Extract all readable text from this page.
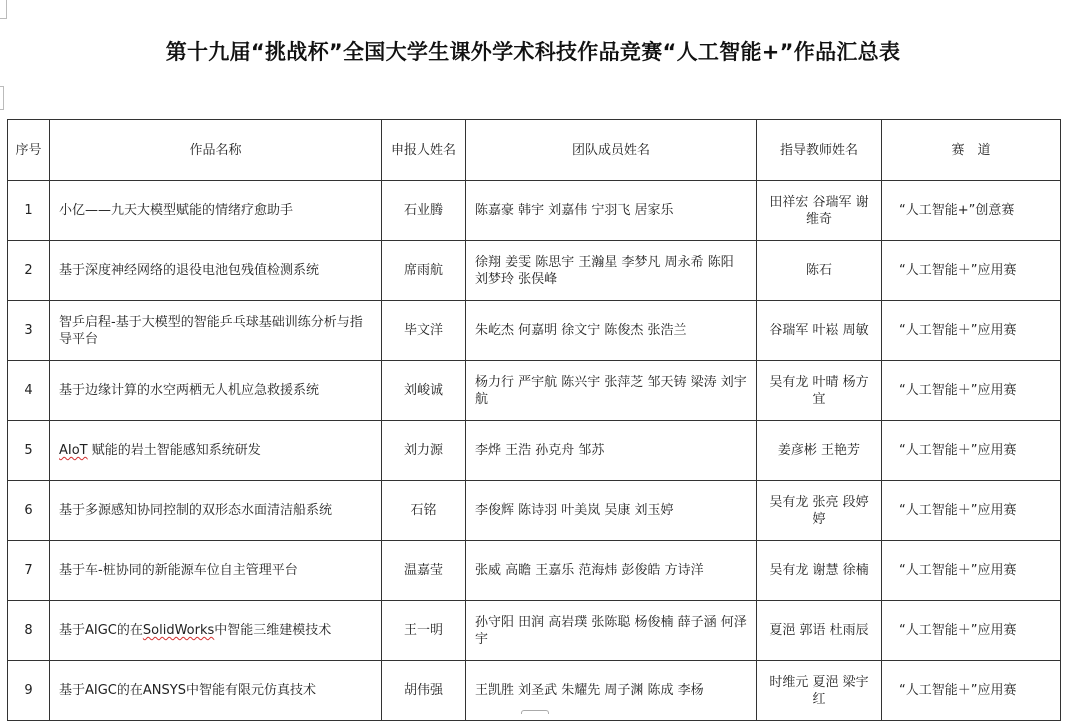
第十九届“挑战杯”全国大学生课外学术科技作品竞赛“人工智能+”作品汇总表
序号	作品名称	申报人姓名	团队成员姓名	指导教师姓名	赛　道
1	小亿——九天大模型赋能的情绪疗愈助手	石业腾	陈嘉豪 韩宇 刘嘉伟 宁羽飞 居家乐	田祥宏 谷瑞军 谢维奇	“人工智能+”创意赛
2	基于深度神经网络的退役电池包残值检测系统	席雨航	徐翔 姜雯 陈思宇 王瀚星 李梦凡 周永希 陈阳 刘梦玲 张俣峰	陈石	“人工智能＋”应用赛
3	智乒启程-基于大模型的智能乒乓球基础训练分析与指导平台	毕文洋	朱屹杰 何嘉明 徐文宁 陈俊杰 张浩兰	谷瑞军 叶崧 周敏	“人工智能＋”应用赛
4	基于边缘计算的水空两栖无人机应急救援系统	刘峻诚	杨力行 严宇航 陈兴宇 张萍芝 邹天铸 梁涛 刘宇航	吴有龙 叶晴 杨方宜	“人工智能＋”应用赛
5	AIoT 赋能的岩土智能感知系统研发	刘力源	李烨 王浩 孙克舟 邹苏	姜彦彬 王艳芳	“人工智能＋”应用赛
6	基于多源感知协同控制的双形态水面清洁船系统	石铭	李俊辉 陈诗羽 叶美岚 吴康 刘玉婷	吴有龙 张亮 段婷婷	“人工智能＋”应用赛
7	基于车-桩协同的新能源车位自主管理平台	温嘉莹	张威 高瞻 王嘉乐 范海炜 彭俊皓 方诗洋	吴有龙 谢慧 徐楠	“人工智能＋”应用赛
8	基于AIGC的在SolidWorks中智能三维建模技术	王一明	孙守阳 田润 高岩璞 张陈聪 杨俊楠 薛子涵 何泽宇	夏浥 郭语 杜雨辰	“人工智能＋”应用赛
9	基于AIGC的在ANSYS中智能有限元仿真技术	胡伟强	王凯胜 刘圣武 朱耀先 周子渊 陈成 李杨	时维元 夏浥 梁宇红	“人工智能＋”应用赛
